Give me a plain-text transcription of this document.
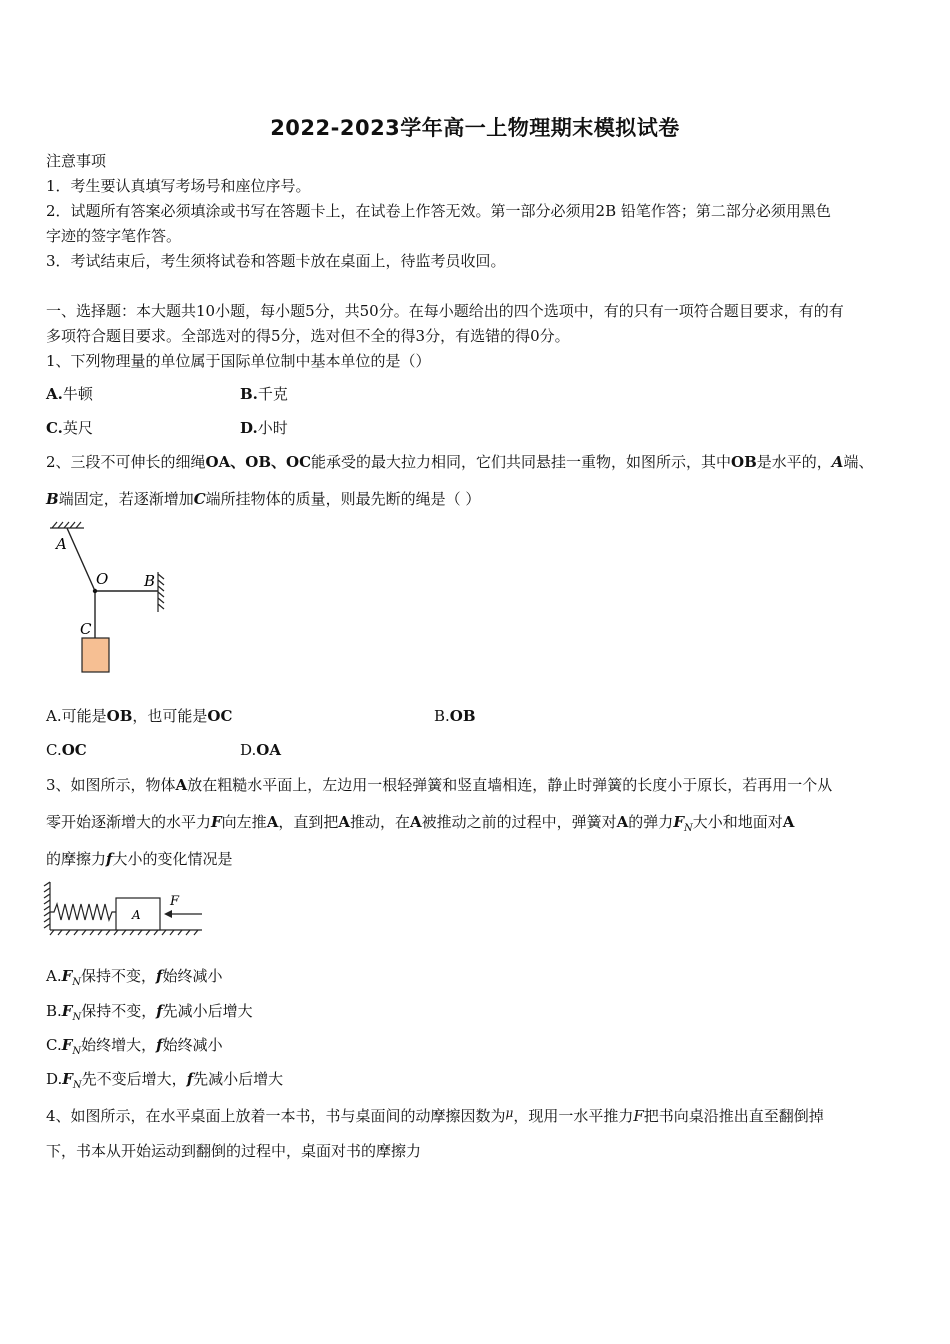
2022-2023学年高一上物理期末模拟试卷
注意事项
1．考生要认真填写考场号和座位序号。
2．试题所有答案必须填涂或书写在答题卡上，在试卷上作答无效。第一部分必须用2B 铅笔作答；第二部分必须用黑色
字迹的签字笔作答。
3．考试结束后，考生须将试卷和答题卡放在桌面上，待监考员收回。
一、选择题：本大题共10小题，每小题5分，共50分。在每小题给出的四个选项中，有的只有一项符合题目要求，有的有
多项符合题目要求。全部选对的得5分，选对但不全的得3分，有选错的得0分。
1、下列物理量的单位属于国际单位制中基本单位的是（）
A.牛顿	B.千克
C.英尺	D.小时
2、三段不可伸长的细绳OA、OB、OC能承受的最大拉力相同，它们共同悬挂一重物，如图所示，其中OB是水平的，A端、
B端固定，若逐渐增加C端所挂物体的质量，则最先断的绳是（ ）
A
O B
C
A.可能是OB，也可能是OC	B.OB
C.OC	D.OA
3、如图所示，物体A放在粗糙水平面上，左边用一根轻弹簧和竖直墙相连，静止时弹簧的长度小于原长，若再用一个从
零开始逐渐增大的水平力F向左推A，直到把A推动，在A被推动之前的过程中，弹簧对A的弹力$F_N$大小和地面对A
的摩擦力f大小的变化情况是
A
F
$A.F_N$保持不变，f始终减小
$B.F_N$保持不变，f先减小后增大
$C.F_N$始终增大，f始终减小
$D.F_N$先不变后增大，f先减小后增大
4、如图所示，在水平桌面上放着一本书，书与桌面间的动摩擦因数为$^\mu$，现用一水平推力F把书向桌沿推出直至翻倒掉
下，书本从开始运动到翻倒的过程中，桌面对书的摩擦力
